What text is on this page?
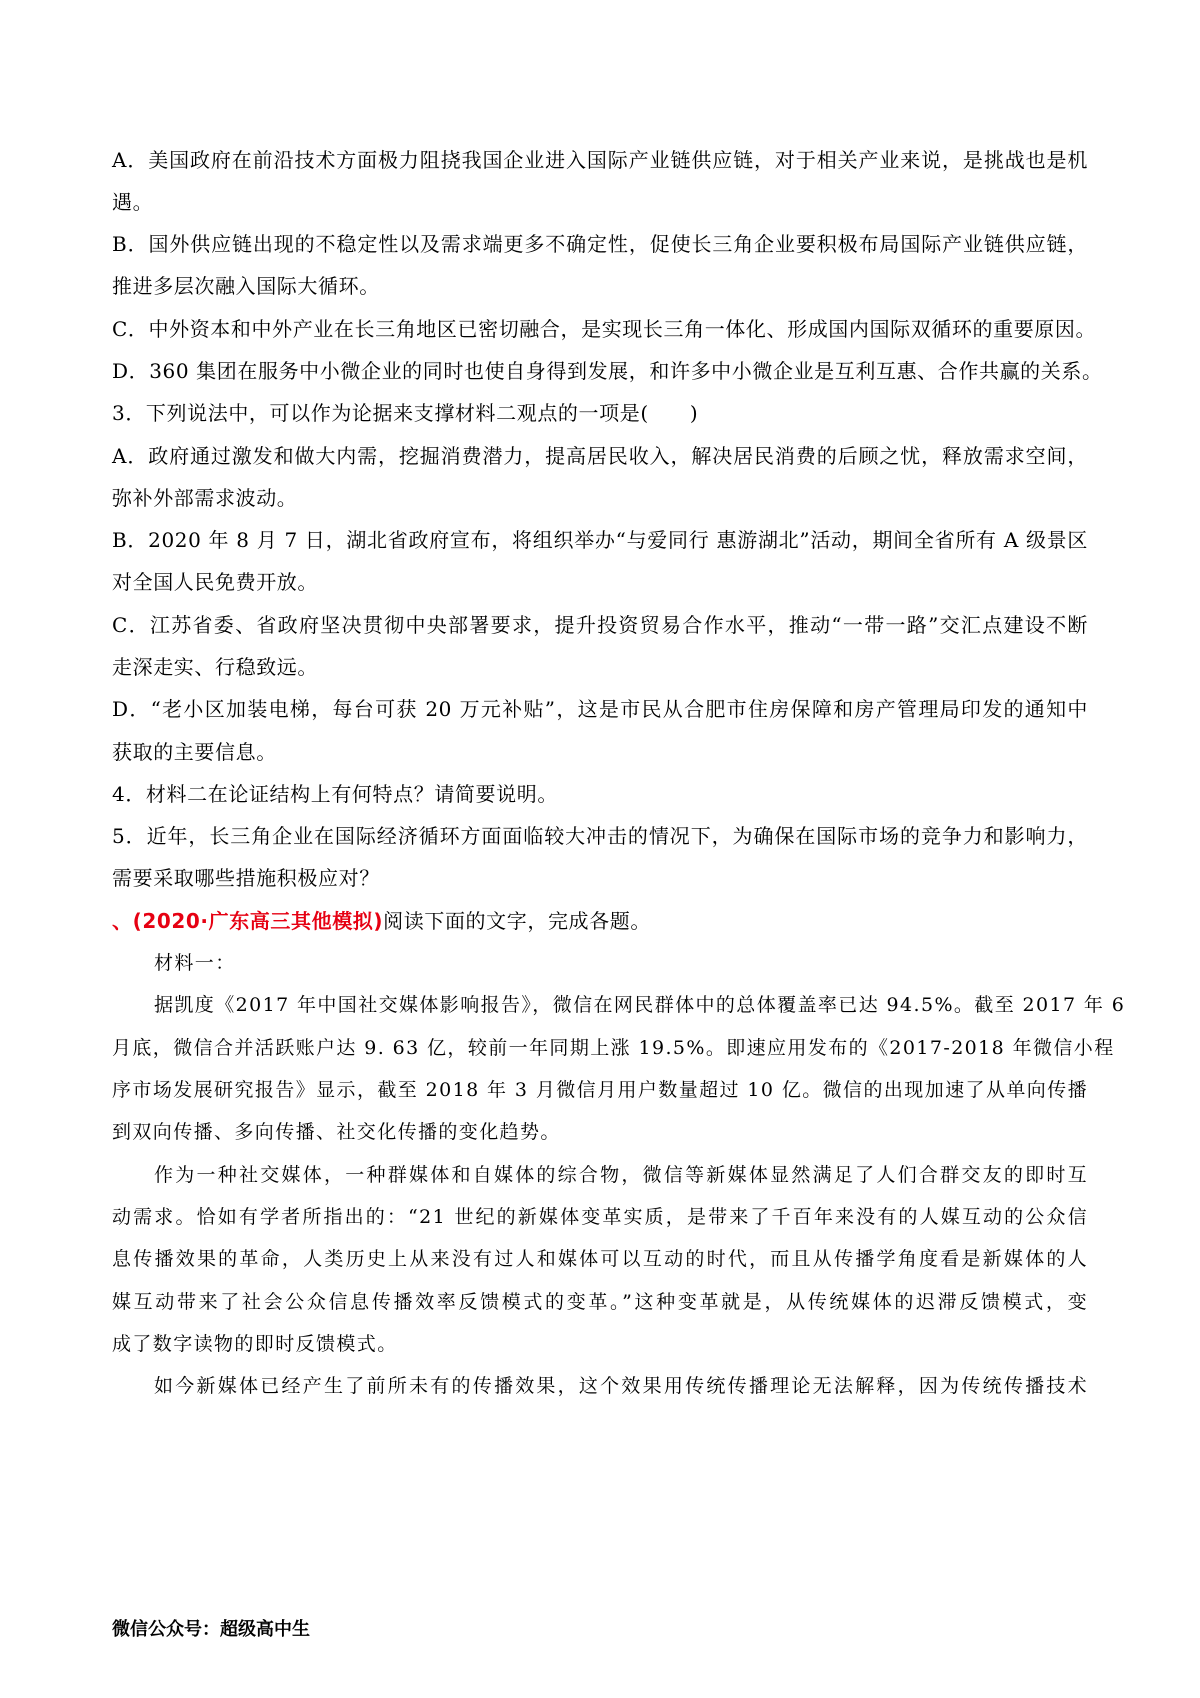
A．美国政府在前沿技术方面极力阻挠我国企业进入国际产业链供应链，对于相关产业来说，是挑战也是机
遇。
B．国外供应链出现的不稳定性以及需求端更多不确定性，促使长三角企业要积极布局国际产业链供应链，
推进多层次融入国际大循环。
C．中外资本和中外产业在长三角地区已密切融合，是实现长三角一体化、形成国内国际双循环的重要原因。
D．360 集团在服务中小微企业的同时也使自身得到发展，和许多中小微企业是互利互惠、合作共赢的关系。
3．下列说法中，可以作为论据来支撑材料二观点的一项是(　　)
A．政府通过激发和做大内需，挖掘消费潜力，提高居民收入，解决居民消费的后顾之忧，释放需求空间，
弥补外部需求波动。
B．2020 年 8 月 7 日，湖北省政府宣布，将组织举办“与爱同行 惠游湖北”活动，期间全省所有 A 级景区
对全国人民免费开放。
C．江苏省委、省政府坚决贯彻中央部署要求，提升投资贸易合作水平，推动“一带一路”交汇点建设不断
走深走实、行稳致远。
D．“老小区加装电梯，每台可获 20 万元补贴”，这是市民从合肥市住房保障和房产管理局印发的通知中
获取的主要信息。
4．材料二在论证结构上有何特点？请简要说明。
5．近年，长三角企业在国际经济循环方面面临较大冲击的情况下，为确保在国际市场的竞争力和影响力，
需要采取哪些措施积极应对？
、(2020·广东高三其他模拟)阅读下面的文字，完成各题。
材料一：
据凯度《2017 年中国社交媒体影响报告》，微信在网民群体中的总体覆盖率已达 94.5%。截至 2017 年 6
月底，微信合并活跃账户达 9. 63 亿，较前一年同期上涨 19.5%。即速应用发布的《2017-2018 年微信小程
序市场发展研究报告》显示，截至 2018 年 3 月微信月用户数量超过 10 亿。微信的出现加速了从单向传播
到双向传播、多向传播、社交化传播的变化趋势。
作为一种社交媒体，一种群媒体和自媒体的综合物，微信等新媒体显然满足了人们合群交友的即时互
动需求。恰如有学者所指出的：“21 世纪的新媒体变革实质，是带来了千百年来没有的人媒互动的公众信
息传播效果的革命，人类历史上从来没有过人和媒体可以互动的时代，而且从传播学角度看是新媒体的人
媒互动带来了社会公众信息传播效率反馈模式的变革。”这种变革就是，从传统媒体的迟滞反馈模式，变
成了数字读物的即时反馈模式。
如今新媒体已经产生了前所未有的传播效果，这个效果用传统传播理论无法解释，因为传统传播技术
微信公众号：超级高中生
